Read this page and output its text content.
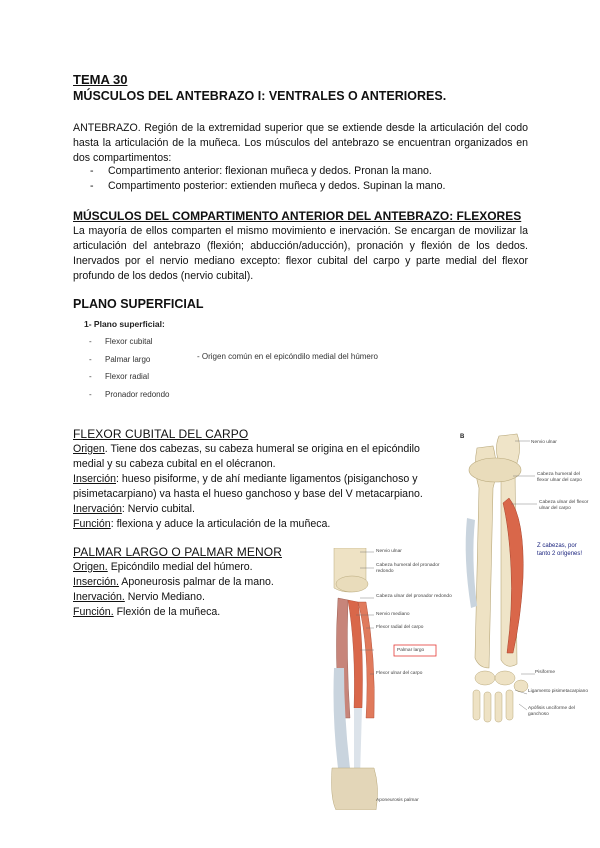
TEMA 30
MÚSCULOS DEL ANTEBRAZO I: VENTRALES O ANTERIORES.
ANTEBRAZO. Región de la extremidad superior que se extiende desde la articulación del codo hasta la articulación de la muñeca. Los músculos del antebrazo se encuentran organizados en dos compartimentos:
- Compartimento anterior: flexionan muñeca y dedos. Pronan la mano.
- Compartimento posterior: extienden muñeca y dedos. Supinan la mano.
MÚSCULOS DEL COMPARTIMENTO ANTERIOR DEL ANTEBRAZO: FLEXORES
La mayoría de ellos comparten el mismo movimiento e inervación. Se encargan de movilizar la articulación del antebrazo (flexión; abducción/aducción), pronación y flexión de los dedos. Inervados por el nervio mediano excepto: flexor cubital del carpo y parte medial del flexor profundo de los dedos (nervio cubital).
PLANO SUPERFICIAL
1- Plano superficial:
- Flexor cubital
- Palmar largo
- Flexor radial
- Pronador redondo
- Origen común en el epicóndilo medial del húmero
FLEXOR CUBITAL DEL CARPO
Origen. Tiene dos cabezas, su cabeza humeral se origina en el epicóndilo medial y su cabeza cubital en el olécranon.
Inserción: hueso pisiforme, y de ahí mediante ligamentos (pisiganchoso y pisimetacarpiano) va hasta el hueso ganchoso y base del V metacarpiano.
Inervación: Nervio cubital.
Función: flexiona y aduce la articulación de la muñeca.
PALMAR LARGO O PALMAR MENOR
Origen. Epicóndilo medial del húmero.
Inserción. Aponeurosis palmar de la mano.
Inervación. Nervio Mediano.
Función. Flexión de la muñeca.
B
Nervio ulnar
Cabeza humeral del flexor ulnar del carpo
Cabeza ulnar del flexor ulnar del carpo
Z cabezas, por tanto 2 orígenes!
Pisiforme
Ligamento pisimetacarpiano
Apófisis unciforme del ganchoso
Nervio ulnar
Cabeza humeral del pronador redondo
Cabeza ulnar del pronador redondo
Nervio mediano
Flexor radial del carpo
Palmar largo
Flexor ulnar del carpo
Aponeurosis palmar
